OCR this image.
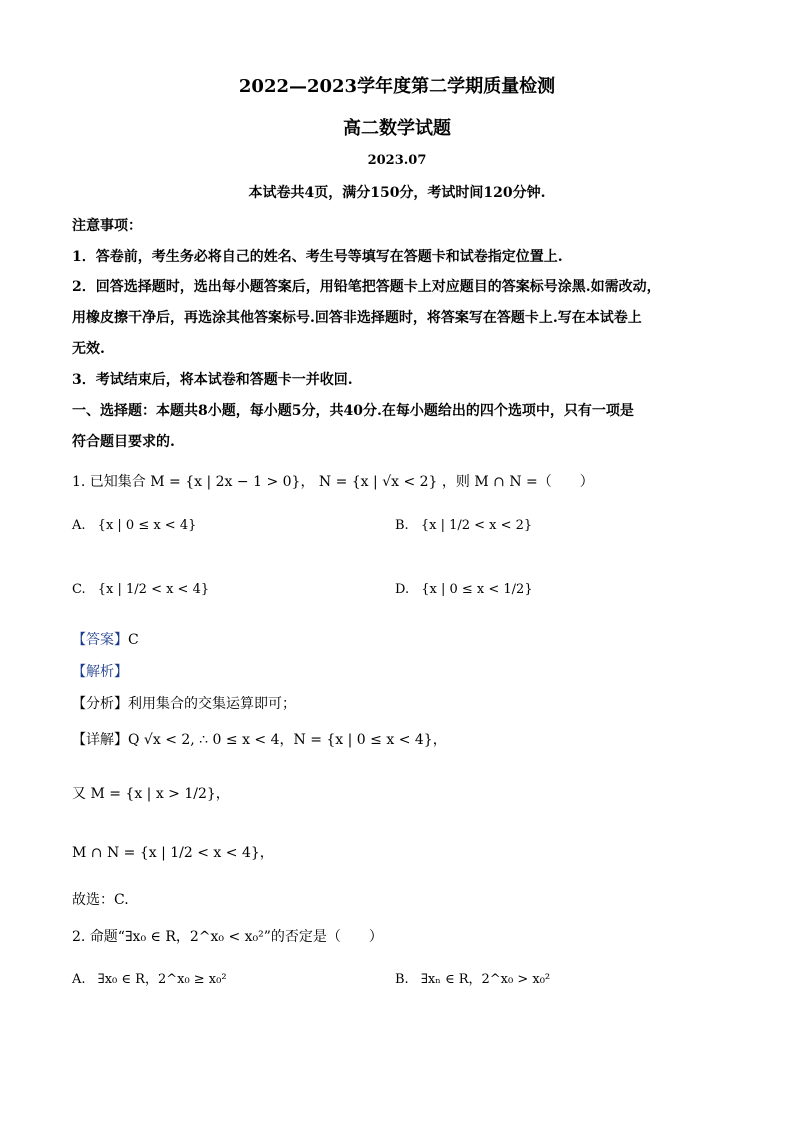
2022—2023学年度第二学期质量检测
高二数学试题
2023.07
本试卷共4页，满分150分，考试时间120分钟.
注意事项：
1．答卷前，考生务必将自己的姓名、考生号等填写在答题卡和试卷指定位置上.
2．回答选择题时，选出每小题答案后，用铅笔把答题卡上对应题目的答案标号涂黑.如需改动，
用橡皮擦干净后，再选涂其他答案标号.回答非选择题时，将答案写在答题卡上.写在本试卷上
无效.
3．考试结束后，将本试卷和答题卡一并收回.
一、选择题：本题共8小题，每小题5分，共40分.在每小题给出的四个选项中，只有一项是
符合题目要求的.
1. 已知集合 M = {x | 2x − 1 > 0}， N = {x | √x < 2} ，则 M ∩ N =（　　）
A. {x | 0 ≤ x < 4}	B. {x | 1/2 < x < 2}
C. {x | 1/2 < x < 4}	D. {x | 0 ≤ x < 1/2}
【答案】C
【解析】
【分析】利用集合的交集运算即可；
【详解】Q √x < 2, ∴ 0 ≤ x < 4，N = {x | 0 ≤ x < 4}，
又 M = {x | x > 1/2}，
M ∩ N = {x | 1/2 < x < 4}，
故选：C.
2. 命题“∃x₀ ∈ R，2^x₀ < x₀²”的否定是（　　）
A. ∃x₀ ∈ R，2^x₀ ≥ x₀²	B. ∃xₙ ∈ R，2^x₀ > x₀²
